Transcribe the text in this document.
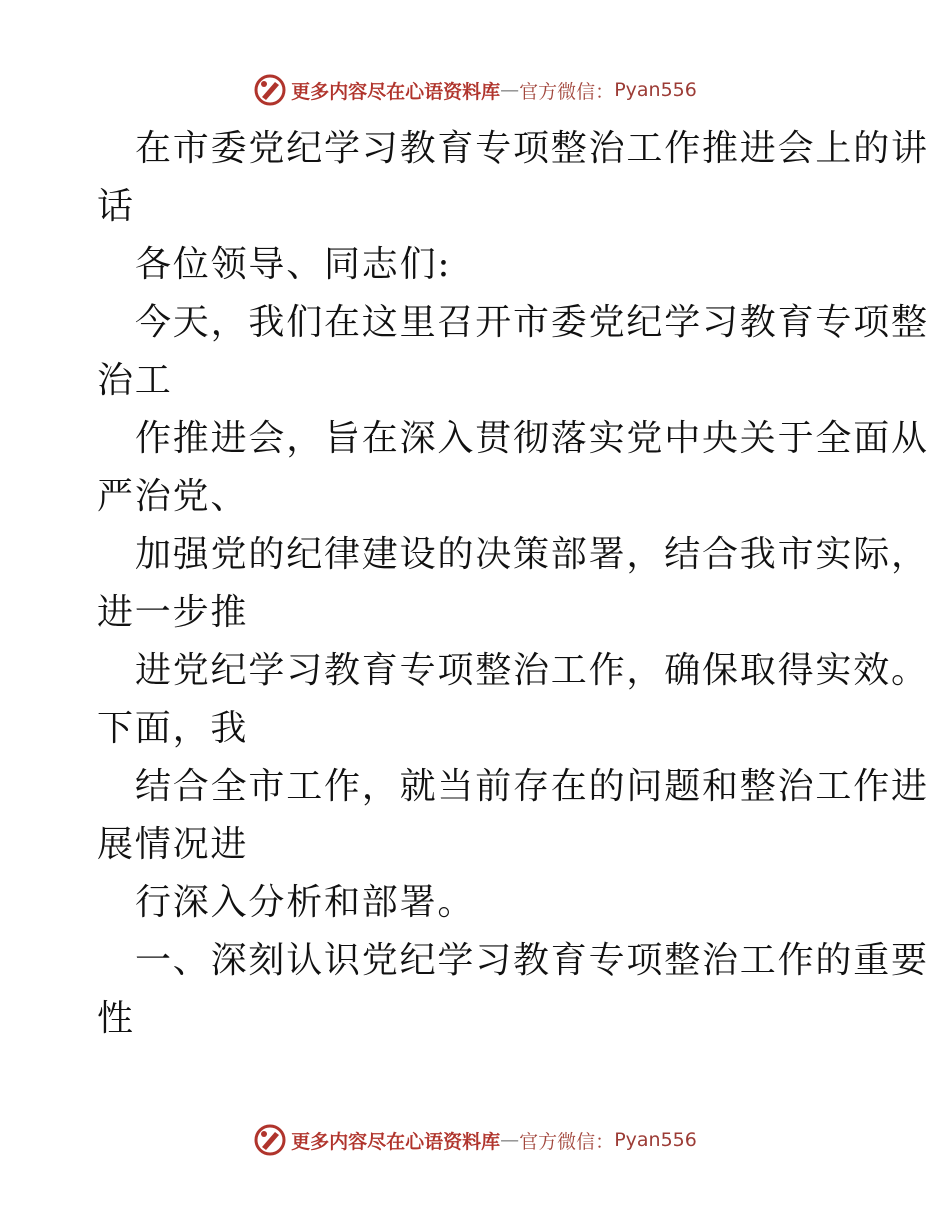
更多内容尽在心语资料库 — 官方微信： Pyan556
在市委党纪学习教育专项整治工作推进会上的讲
话
各位领导、同志们:
今天，我们在这里召开市委党纪学习教育专项整
治工
作推进会，旨在深入贯彻落实党中央关于全面从
严治党、
加强党的纪律建设的决策部署，结合我市实际，
进一步推
进党纪学习教育专项整治工作，确保取得实效。
下面，我
结合全市工作，就当前存在的问题和整治工作进
展情况进
行深入分析和部署。
一、深刻认识党纪学习教育专项整治工作的重要
性
更多内容尽在心语资料库 — 官方微信： Pyan556
